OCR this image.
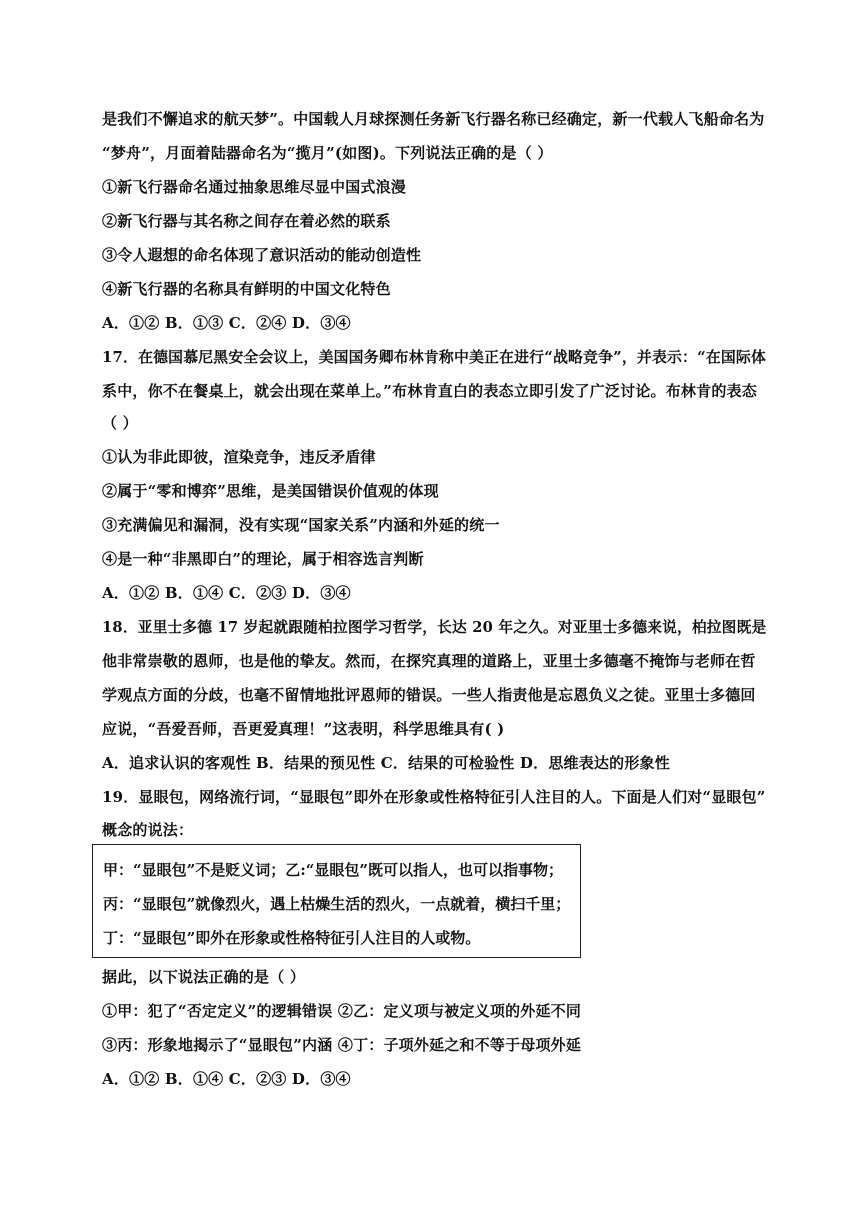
是我们不懈追求的航天梦”。中国载人月球探测任务新飞行器名称已经确定，新一代载人飞船命名为
“梦舟”，月面着陆器命名为“揽月”(如图)。下列说法正确的是（ ）
①新飞行器命名通过抽象思维尽显中国式浪漫
②新飞行器与其名称之间存在着必然的联系
③令人遐想的命名体现了意识活动的能动创造性
④新飞行器的名称具有鲜明的中国文化特色
A．①② B．①③ C．②④ D．③④
17．在德国慕尼黑安全会议上，美国国务卿布林肯称中美正在进行“战略竞争”，并表示：“在国际体
系中，你不在餐桌上，就会出现在菜单上。”布林肯直白的表态立即引发了广泛讨论。布林肯的表态
（ ）
①认为非此即彼，渲染竞争，违反矛盾律
②属于“零和博弈”思维，是美国错误价值观的体现
③充满偏见和漏洞，没有实现“国家关系”内涵和外延的统一
④是一种“非黑即白”的理论，属于相容选言判断
A．①② B．①④ C．②③ D．③④
18．亚里士多德 17 岁起就跟随柏拉图学习哲学，长达 20 年之久。对亚里士多德来说，柏拉图既是
他非常崇敬的恩师，也是他的挚友。然而，在探究真理的道路上，亚里士多德毫不掩饰与老师在哲
学观点方面的分歧，也毫不留情地批评恩师的错误。一些人指责他是忘恩负义之徒。亚里士多德回
应说，“吾爱吾师，吾更爱真理！”这表明，科学思维具有( )
A．追求认识的客观性 B．结果的预见性 C．结果的可检验性 D．思维表达的形象性
19．显眼包，网络流行词，“显眼包”即外在形象或性格特征引人注目的人。下面是人们对“显眼包”
概念的说法：
甲：“显眼包”不是贬义词；乙:“显眼包”既可以指人，也可以指事物；
丙：“显眼包”就像烈火，遇上枯燥生活的烈火，一点就着，横扫千里；
丁：“显眼包”即外在形象或性格特征引人注目的人或物。
据此，以下说法正确的是（ ）
①甲：犯了“否定定义”的逻辑错误 ②乙：定义项与被定义项的外延不同
③丙：形象地揭示了“显眼包”内涵 ④丁：子项外延之和不等于母项外延
A．①② B．①④ C．②③ D．③④
